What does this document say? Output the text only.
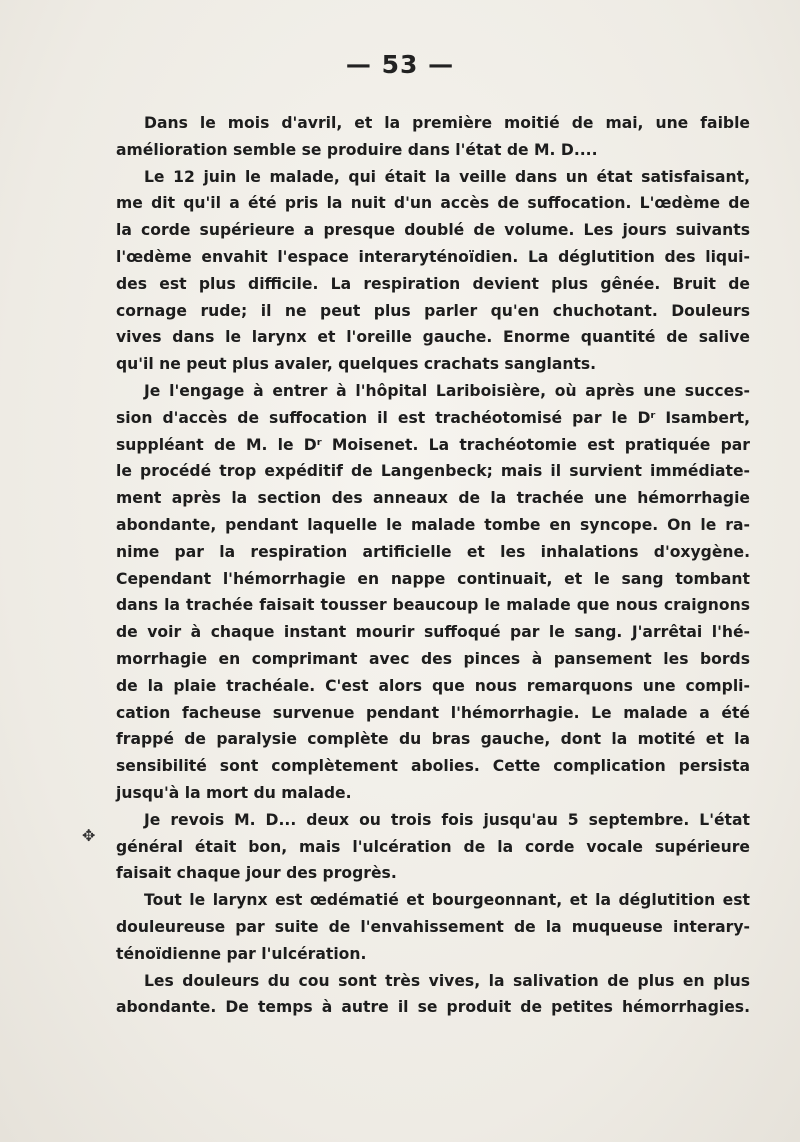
— 53 —
✥
Dans le mois d'avril, et la première moitié de mai, une faible
amélioration semble se produire dans l'état de M. D....
Le 12 juin le malade, qui était la veille dans un état satisfaisant,
me dit qu'il a été pris la nuit d'un accès de suffocation. L'œdème de
la corde supérieure a presque doublé de volume. Les jours suivants
l'œdème envahit l'espace interaryténoïdien. La déglutition des liqui-
des est plus difficile. La respiration devient plus gênée. Bruit de
cornage rude; il ne peut plus parler qu'en chuchotant. Douleurs
vives dans le larynx et l'oreille gauche. Enorme quantité de salive
qu'il ne peut plus avaler, quelques crachats sanglants.
Je l'engage à entrer à l'hôpital Lariboisière, où après une succes-
sion d'accès de suffocation il est trachéotomisé par le Dʳ Isambert,
suppléant de M. le Dʳ Moisenet. La trachéotomie est pratiquée par
le procédé trop expéditif de Langenbeck; mais il survient immédiate-
ment après la section des anneaux de la trachée une hémorrhagie
abondante, pendant laquelle le malade tombe en syncope. On le ra-
nime par la respiration artificielle et les inhalations d'oxygène.
Cependant l'hémorrhagie en nappe continuait, et le sang tombant
dans la trachée faisait tousser beaucoup le malade que nous craignons
de voir à chaque instant mourir suffoqué par le sang. J'arrêtai l'hé-
morrhagie en comprimant avec des pinces à pansement les bords
de la plaie trachéale. C'est alors que nous remarquons une compli-
cation facheuse survenue pendant l'hémorrhagie. Le malade a été
frappé de paralysie complète du bras gauche, dont la motité et la
sensibilité sont complètement abolies. Cette complication persista
jusqu'à la mort du malade.
Je revois M. D... deux ou trois fois jusqu'au 5 septembre. L'état
général était bon, mais l'ulcération de la corde vocale supérieure
faisait chaque jour des progrès.
Tout le larynx est œdématié et bourgeonnant, et la déglutition est
douleureuse par suite de l'envahissement de la muqueuse interary-
ténoïdienne par l'ulcération.
Les douleurs du cou sont très vives, la salivation de plus en plus
abondante. De temps à autre il se produit de petites hémorrhagies.
